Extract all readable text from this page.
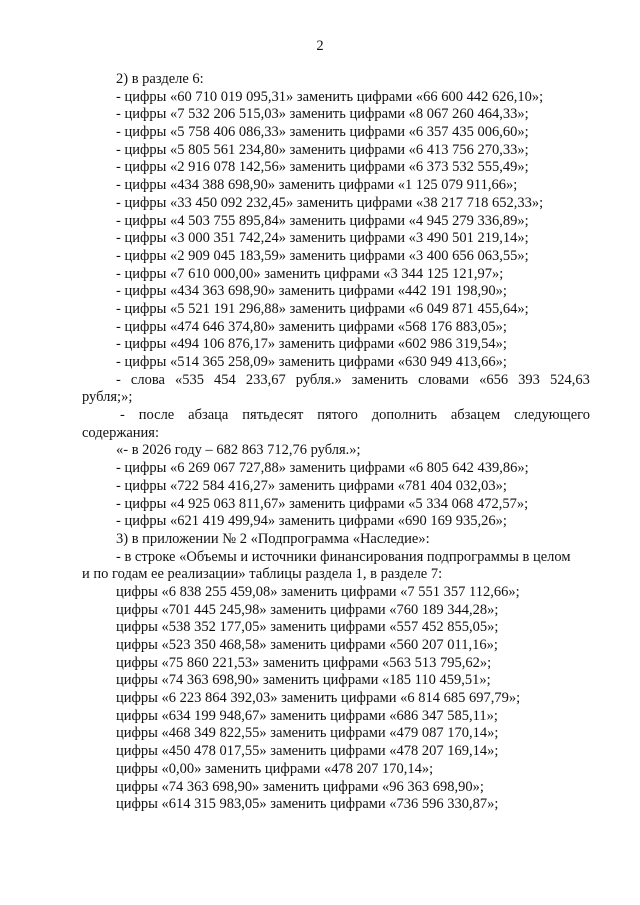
2
2) в разделе 6:
- цифры «60 710 019 095,31» заменить цифрами «66 600 442 626,10»;
- цифры «7 532 206 515,03» заменить цифрами «8 067 260 464,33»;
- цифры «5 758 406 086,33» заменить цифрами «6 357 435 006,60»;
- цифры «5 805 561 234,80» заменить цифрами «6 413 756 270,33»;
- цифры «2 916 078 142,56» заменить цифрами «6 373 532 555,49»;
- цифры «434 388 698,90» заменить цифрами «1 125 079 911,66»;
- цифры «33 450 092 232,45» заменить цифрами «38 217 718 652,33»;
- цифры «4 503 755 895,84» заменить цифрами «4 945 279 336,89»;
- цифры «3 000 351 742,24» заменить цифрами «3 490 501 219,14»;
- цифры «2 909 045 183,59» заменить цифрами «3 400 656 063,55»;
- цифры «7 610 000,00» заменить цифрами «3 344 125 121,97»;
- цифры «434 363 698,90» заменить цифрами «442 191 198,90»;
- цифры «5 521 191 296,88» заменить цифрами «6 049 871 455,64»;
- цифры «474 646 374,80» заменить цифрами «568 176 883,05»;
- цифры «494 106 876,17» заменить цифрами «602 986 319,54»;
- цифры «514 365 258,09» заменить цифрами «630 949 413,66»;
- слова «535 454 233,67 рубля.» заменить словами «656 393 524,63
рубля;»;
- после абзаца пятьдесят пятого дополнить абзацем следующего
содержания:
«- в 2026 году – 682 863 712,76 рубля.»;
- цифры «6 269 067 727,88» заменить цифрами «6 805 642 439,86»;
- цифры «722 584 416,27» заменить цифрами «781 404 032,03»;
- цифры «4 925 063 811,67» заменить цифрами «5 334 068 472,57»;
- цифры «621 419 499,94» заменить цифрами «690 169 935,26»;
3) в приложении № 2 «Подпрограмма «Наследие»:
- в строке «Объемы и источники финансирования подпрограммы в целом
и по годам ее реализации» таблицы раздела 1, в разделе 7:
цифры «6 838 255 459,08» заменить цифрами «7 551 357 112,66»;
цифры «701 445 245,98» заменить цифрами «760 189 344,28»;
цифры «538 352 177,05» заменить цифрами «557 452 855,05»;
цифры «523 350 468,58» заменить цифрами «560 207 011,16»;
цифры «75 860 221,53» заменить цифрами «563 513 795,62»;
цифры «74 363 698,90» заменить цифрами «185 110 459,51»;
цифры «6 223 864 392,03» заменить цифрами «6 814 685 697,79»;
цифры «634 199 948,67» заменить цифрами «686 347 585,11»;
цифры «468 349 822,55» заменить цифрами «479 087 170,14»;
цифры «450 478 017,55» заменить цифрами «478 207 169,14»;
цифры «0,00» заменить цифрами «478 207 170,14»;
цифры «74 363 698,90» заменить цифрами «96 363 698,90»;
цифры «614 315 983,05» заменить цифрами «736 596 330,87»;
